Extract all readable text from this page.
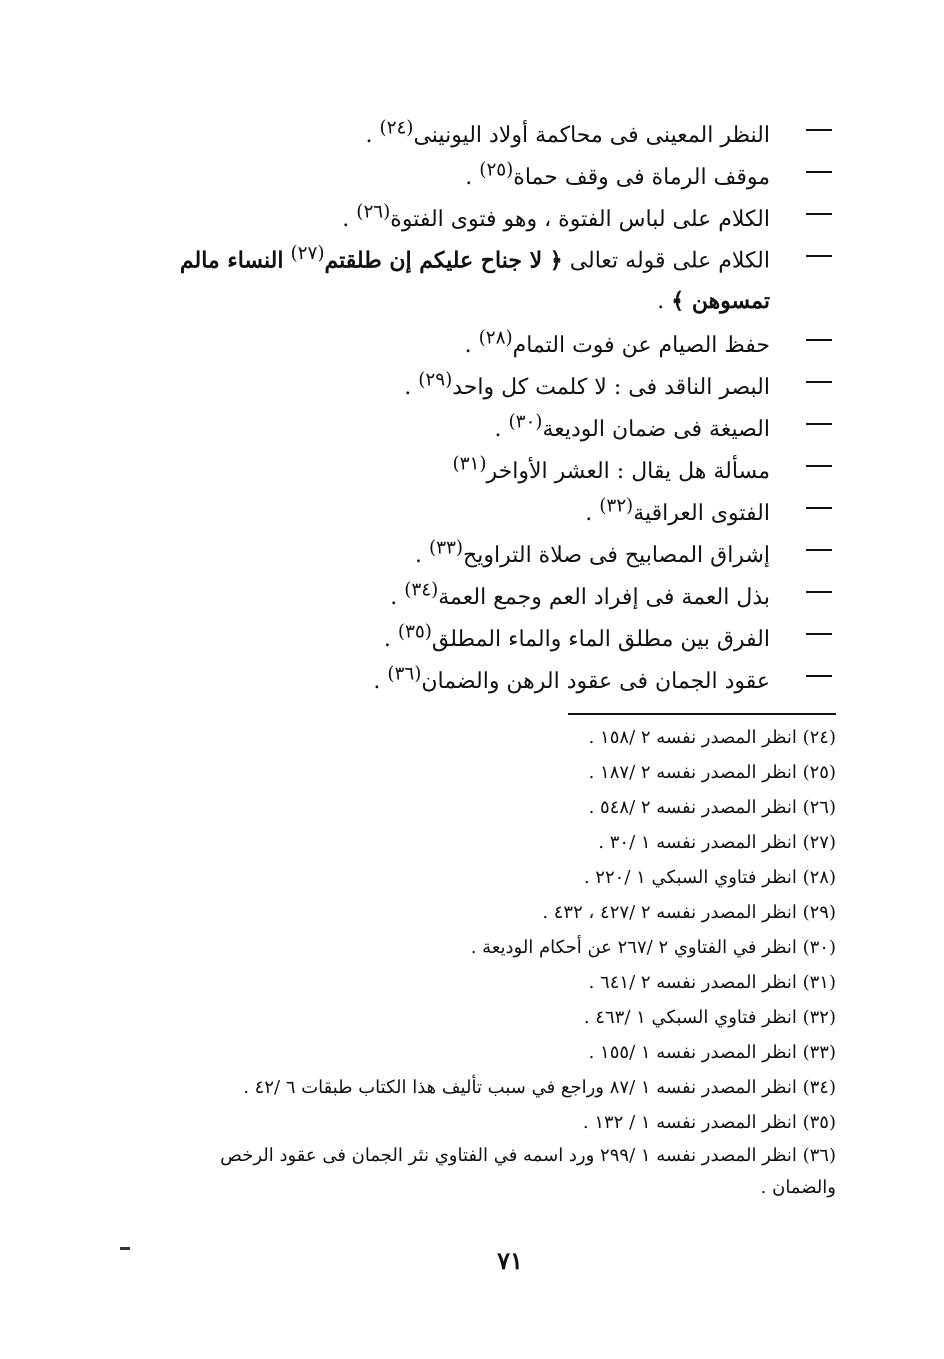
النظر المعينى فى محاكمة أولاد اليونينى$^{(٢٤)}$ .
موقف الرماة فى وقف حماة$^{(٢٥)}$ .
الكلام على لباس الفتوة ، وهو فتوى الفتوة$^{(٢٦)}$ .
الكلام على قوله تعالى ﴿ لا جناح عليكم إن طلقتم$^{(٢٧)}$ النساء مالم تمسوهن ﴾ .
حفظ الصيام عن فوت التمام$^{(٢٨)}$ .
البصر الناقد فى : لا كلمت كل واحد$^{(٢٩)}$ .
الصيغة فى ضمان الوديعة$^{(٣٠)}$ .
مسألة هل يقال : العشر الأواخر$^{(٣١)}$
الفتوى العراقية$^{(٣٢)}$ .
إشراق المصابيح فى صلاة التراويح$^{(٣٣)}$ .
بذل العمة فى إفراد العم وجمع العمة$^{(٣٤)}$ .
الفرق بين مطلق الماء والماء المطلق$^{(٣٥)}$ .
عقود الجمان فى عقود الرهن والضمان$^{(٣٦)}$ .
(٢٤) انظر المصدر نفسه ٢ /١٥٨ .
(٢٥) انظر المصدر نفسه ٢ /١٨٧ .
(٢٦) انظر المصدر نفسه ٢ /٥٤٨ .
(٢٧) انظر المصدر نفسه ١ /٣٠ .
(٢٨) انظر فتاوي السبكي ١ /٢٢٠ .
(٢٩) انظر المصدر نفسه ٢ /٤٢٧ ، ٤٣٢ .
(٣٠) انظر في الفتاوي ٢ /٢٦٧ عن أحكام الوديعة .
(٣١) انظر المصدر نفسه ٢ /٦٤١ .
(٣٢) انظر فتاوي السبكي ١ /٤٦٣ .
(٣٣) انظر المصدر نفسه ١ /١٥٥ .
(٣٤) انظر المصدر نفسه ١ /٨٧ وراجع في سبب تأليف هذا الكتاب طبقات ٦ /٤٢ .
(٣٥) انظر المصدر نفسه ١ / ١٣٢ .
(٣٦) انظر المصدر نفسه ١ /٢٩٩ ورد اسمه في الفتاوي نثر الجمان فى عقود الرخص والضمان .
٧١
